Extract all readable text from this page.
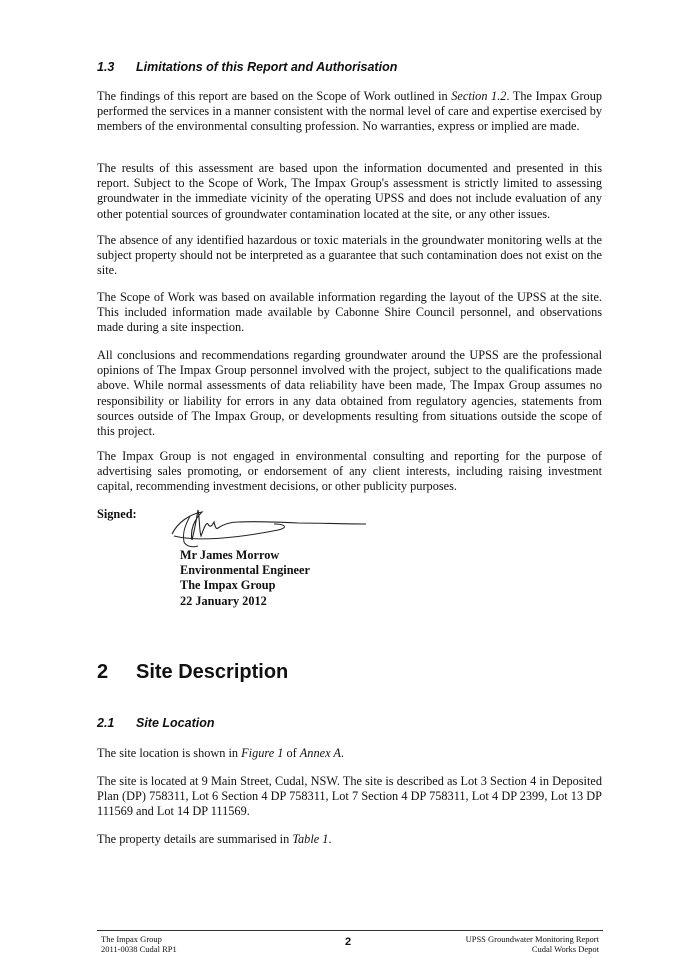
1.3 Limitations of this Report and Authorisation
The findings of this report are based on the Scope of Work outlined in Section 1.2. The Impax Group performed the services in a manner consistent with the normal level of care and expertise exercised by members of the environmental consulting profession. No warranties, express or implied are made.
The results of this assessment are based upon the information documented and presented in this report. Subject to the Scope of Work, The Impax Group's assessment is strictly limited to assessing groundwater in the immediate vicinity of the operating UPSS and does not include evaluation of any other potential sources of groundwater contamination located at the site, or any other issues.
The absence of any identified hazardous or toxic materials in the groundwater monitoring wells at the subject property should not be interpreted as a guarantee that such contamination does not exist on the site.
The Scope of Work was based on available information regarding the layout of the UPSS at the site. This included information made available by Cabonne Shire Council personnel, and observations made during a site inspection.
All conclusions and recommendations regarding groundwater around the UPSS are the professional opinions of The Impax Group personnel involved with the project, subject to the qualifications made above. While normal assessments of data reliability have been made, The Impax Group assumes no responsibility or liability for errors in any data obtained from regulatory agencies, statements from sources outside of The Impax Group, or developments resulting from situations outside the scope of this project.
The Impax Group is not engaged in environmental consulting and reporting for the purpose of advertising sales promoting, or endorsement of any client interests, including raising investment capital, recommending investment decisions, or other publicity purposes.
Signed:
Mr James Morrow
Environmental Engineer
The Impax Group
22 January 2012
2 Site Description
2.1 Site Location
The site location is shown in Figure 1 of Annex A.
The site is located at 9 Main Street, Cudal, NSW. The site is described as Lot 3 Section 4 in Deposited Plan (DP) 758311, Lot 6 Section 4 DP 758311, Lot 7 Section 4 DP 758311, Lot 4 DP 2399, Lot 13 DP 111569 and Lot 14 DP 111569.
The property details are summarised in Table 1.
The Impax Group
2011-0038 Cudal RP1
2	UPSS Groundwater Monitoring Report
Cudal Works Depot
